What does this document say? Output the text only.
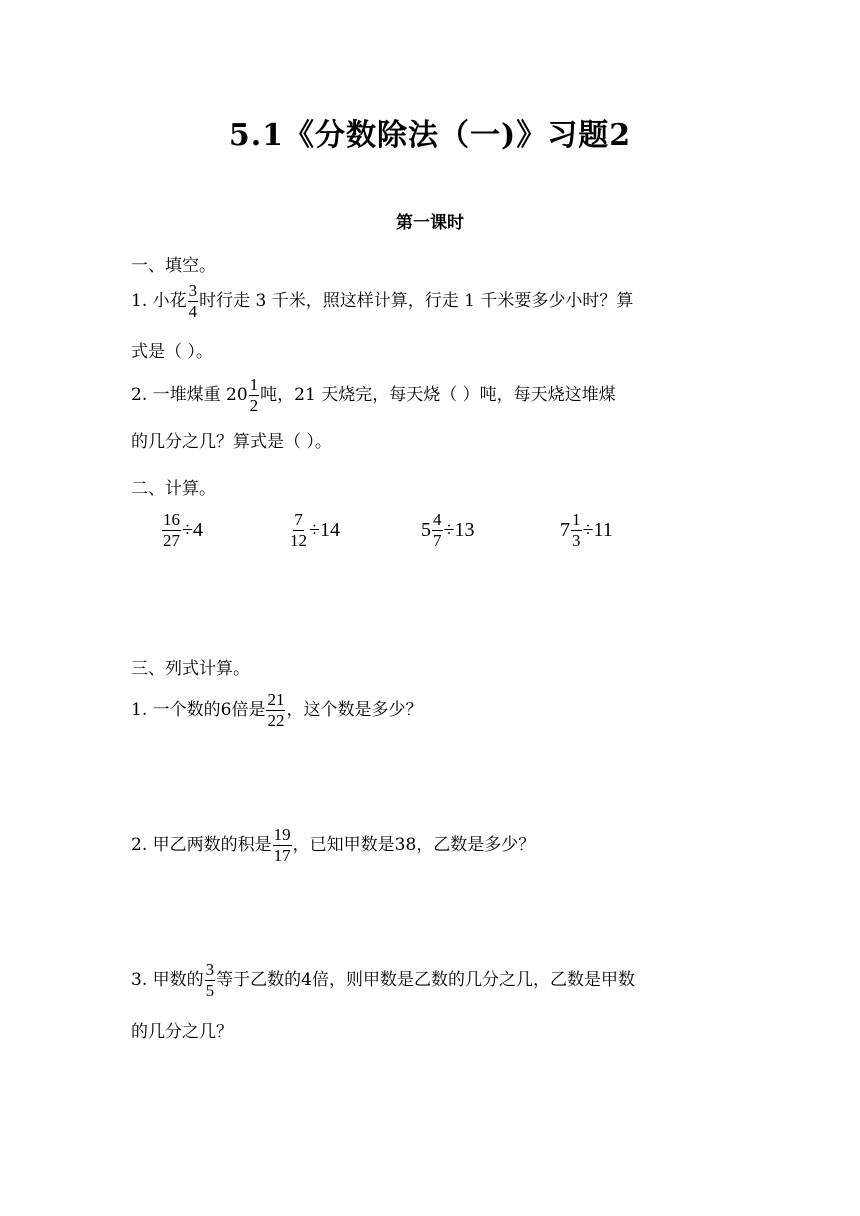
5.1《分数除法（一)》习题2
第一课时
一、填空。
1. 小花 $\frac{3}{4}$ 时行走 3 千米，照这样计算，行走 1 千米要多少小时？算
式是（ ）。
2. 一堆煤重 $20 \frac{1}{2}$ 吨，21 天烧完，每天烧（ ）吨，每天烧这堆煤
的几分之几？算式是（ ）。
二、计算。
$\frac{16}{27} \div 4$	$\frac{7}{12} \div 14$	$5 \frac{4}{7} \div 13$	$7 \frac{1}{3} \div 11$
三、列式计算。
1. 一个数的6倍是 $\frac{21}{22}$ ，这个数是多少？
2. 甲乙两数的积是 $\frac{19}{17}$ ，已知甲数是38，乙数是多少？
3. 甲数的 $\frac{3}{5}$ 等于乙数的4倍，则甲数是乙数的几分之几，乙数是甲数
的几分之几？
